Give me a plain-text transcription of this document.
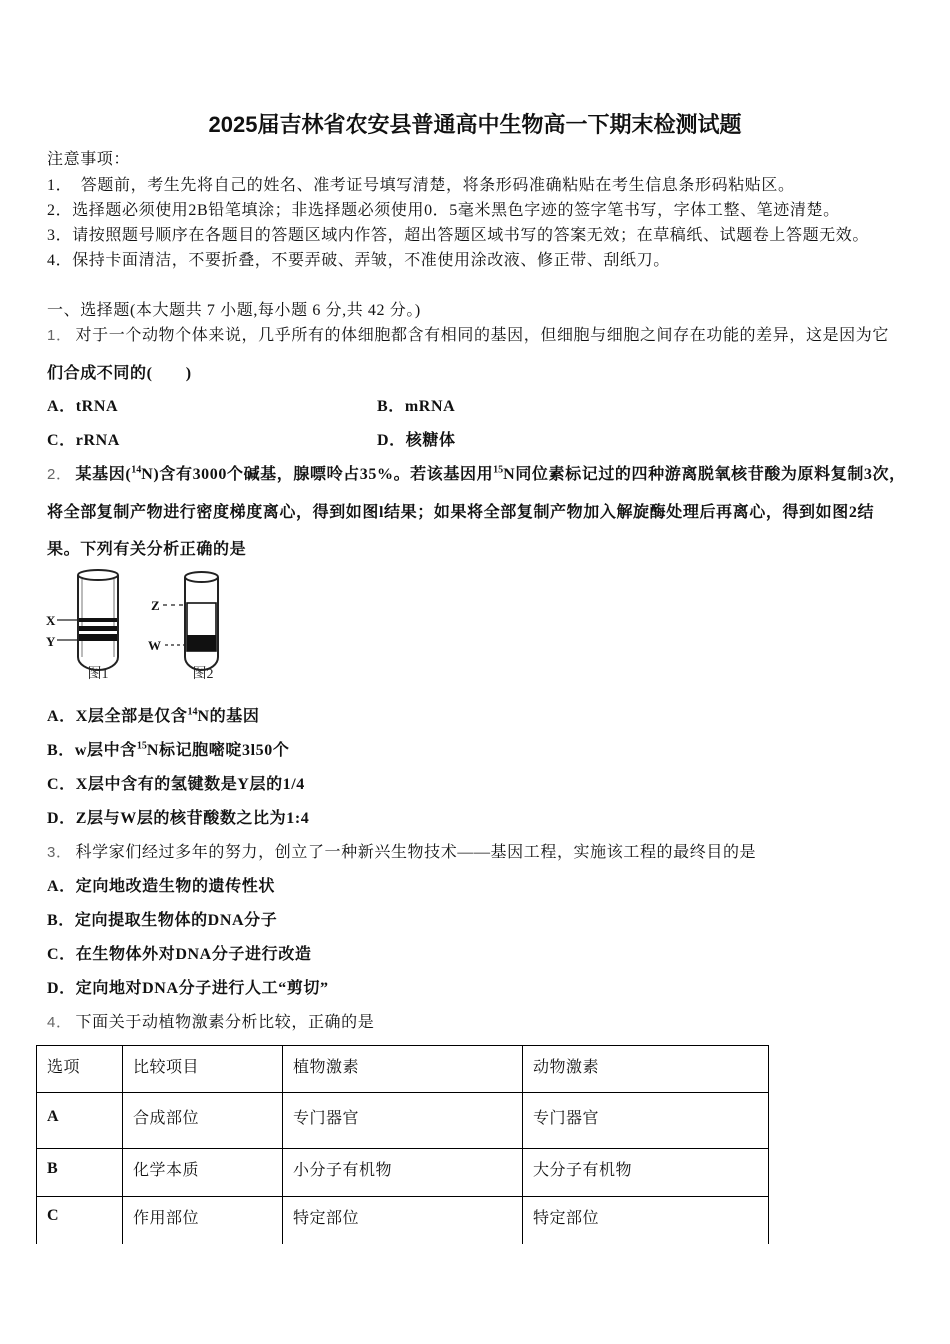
2025届吉林省农安县普通高中生物高一下期末检测试题
注意事项：
1．　答题前，考生先将自己的姓名、准考证号填写清楚，将条形码准确粘贴在考生信息条形码粘贴区。
2．选择题必须使用2B铅笔填涂；非选择题必须使用0．5毫米黑色字迹的签字笔书写，字体工整、笔迹清楚。
3．请按照题号顺序在各题目的答题区域内作答，超出答题区域书写的答案无效；在草稿纸、试题卷上答题无效。
4．保持卡面清洁，不要折叠，不要弄破、弄皱，不准使用涂改液、修正带、刮纸刀。
一、选择题(本大题共 7 小题,每小题 6 分,共 42 分。)
1． 对于一个动物个体来说，几乎所有的体细胞都含有相同的基因，但细胞与细胞之间存在功能的差异，这是因为它
们合成不同的(　　)
A．tRNA	B．mRNA
C．rRNA	D．核糖体
2． 某基因($^{14}$N)含有3000个碱基，腺嘌呤占35%。若该基因用$^{15}$N同位素标记过的四种游离脱氧核苷酸为原料复制3次，
将全部复制产物进行密度梯度离心，得到如图l结果；如果将全部复制产物加入解旋酶处理后再离心，得到如图2结
果。下列有关分析正确的是
X
Y
Z
W
图1	图2
A．X层全部是仅含$^{14}$N的基因
B．w层中含$^{15}$N标记胞嘧啶3l50个
C．X层中含有的氢键数是Y层的1/4
D．Z层与W层的核苷酸数之比为1:4
3． 科学家们经过多年的努力，创立了一种新兴生物技术——基因工程，实施该工程的最终目的是
A．定向地改造生物的遗传性状
B．定向提取生物体的DNA分子
C．在生物体外对DNA分子进行改造
D．定向地对DNA分子进行人工“剪切”
4． 下面关于动植物激素分析比较，正确的是
选项	比较项目	植物激素	动物激素
A	合成部位	专门器官	专门器官
B	化学本质	小分子有机物	大分子有机物
C	作用部位	特定部位	特定部位
